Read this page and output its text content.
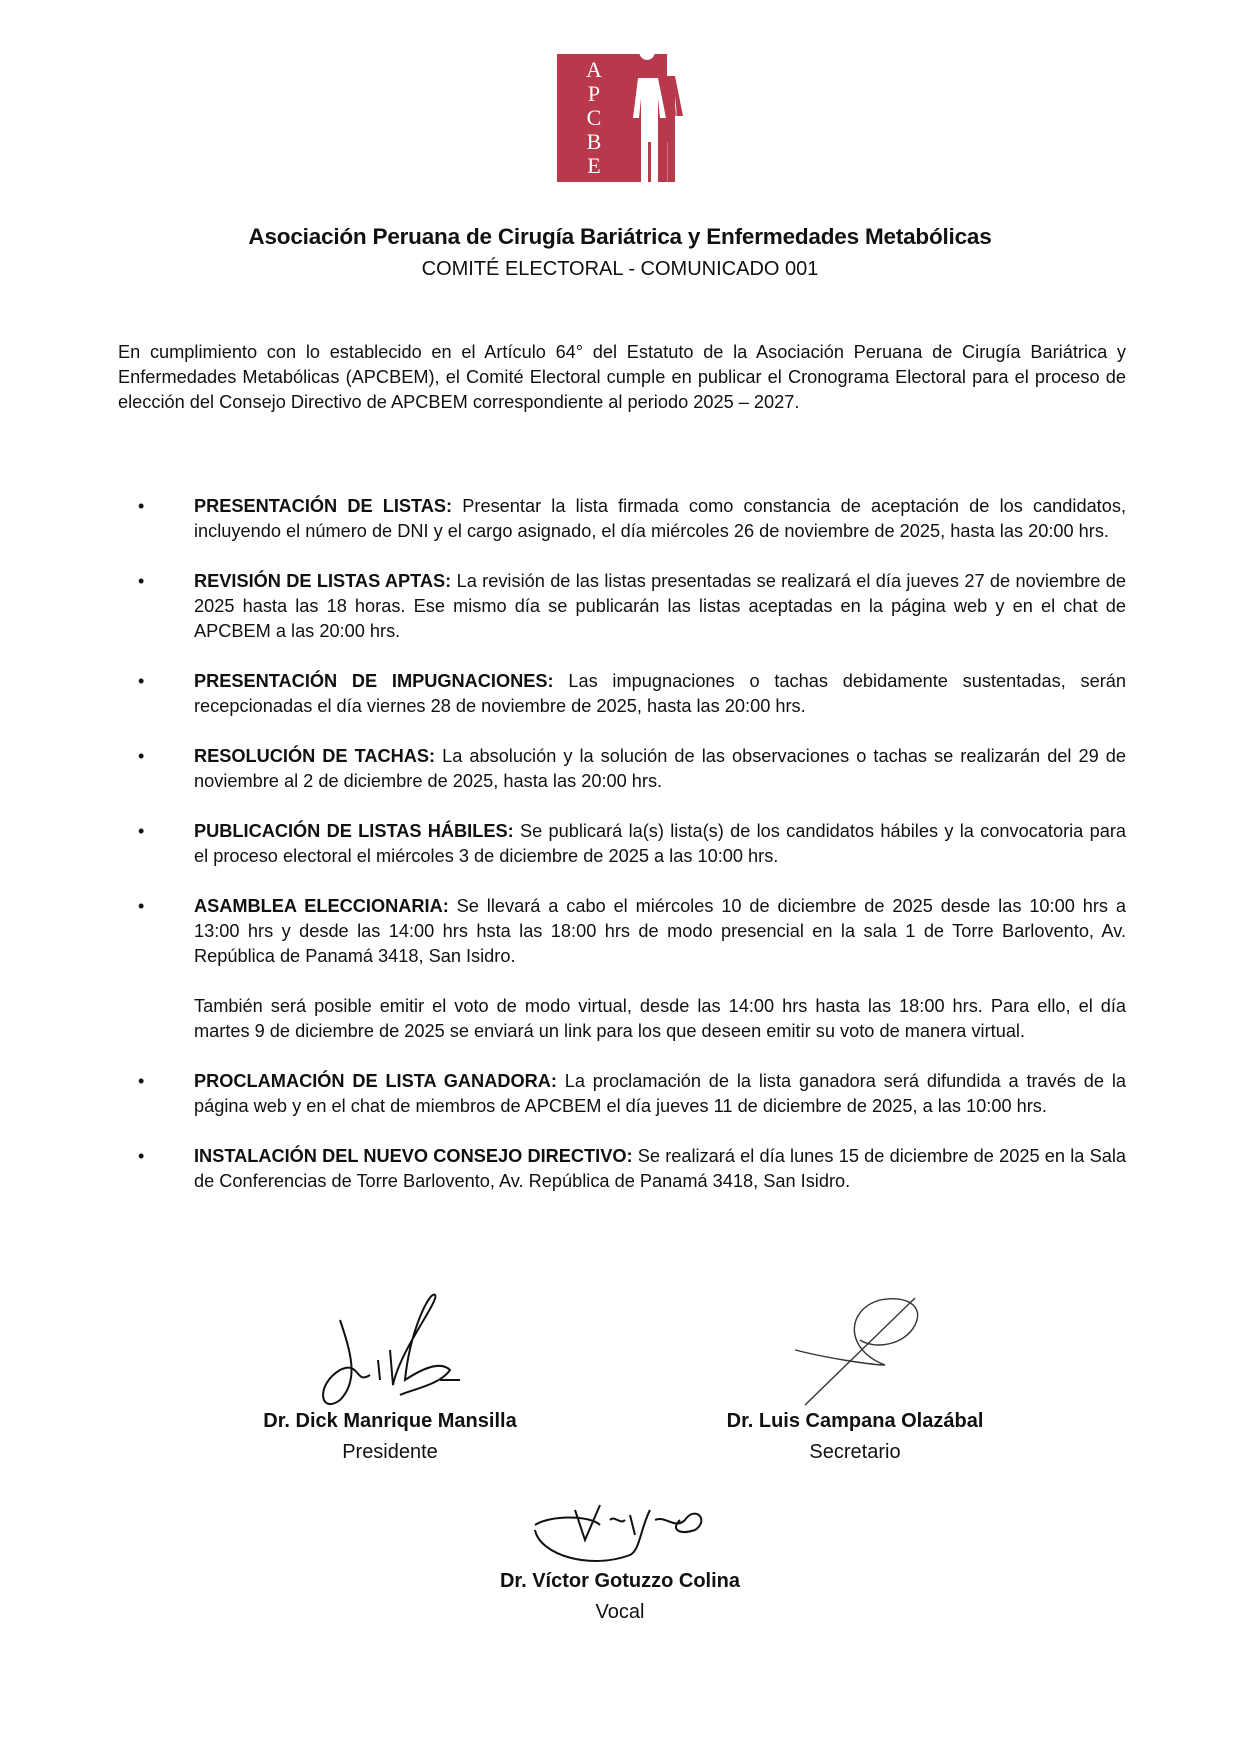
A
P
C
B
E
M
Asociación Peruana de Cirugía Bariátrica y Enfermedades Metabólicas
COMITÉ ELECTORAL - COMUNICADO 001

En cumplimiento con lo establecido en el Artículo 64° del Estatuto de la Asociación Peruana de Cirugía Bariátrica y Enfermedades Metabólicas (APCBEM), el Comité Electoral cumple en publicar el Cronograma Electoral para el proceso de elección del Consejo Directivo de APCBEM correspondiente al periodo 2025 – 2027.

•	PRESENTACIÓN DE LISTAS: Presentar la lista firmada como constancia de aceptación de los candidatos, incluyendo el número de DNI y el cargo asignado, el día miércoles 26 de noviembre de 2025, hasta las 20:00 hrs.
•	REVISIÓN DE LISTAS APTAS: La revisión de las listas presentadas se realizará el día jueves 27 de noviembre de 2025 hasta las 18 horas. Ese mismo día se publicarán las listas aceptadas en la página web y en el chat de APCBEM a las 20:00 hrs.
•	PRESENTACIÓN DE IMPUGNACIONES: Las impugnaciones o tachas debidamente sustentadas, serán recepcionadas el día viernes 28 de noviembre de 2025, hasta las 20:00 hrs.
•	RESOLUCIÓN DE TACHAS: La absolución y la solución de las observaciones o tachas se realizarán del 29 de noviembre al 2 de diciembre de 2025, hasta las 20:00 hrs.
•	PUBLICACIÓN DE LISTAS HÁBILES: Se publicará la(s) lista(s) de los candidatos hábiles y la convocatoria para el proceso electoral el miércoles 3 de diciembre de 2025 a las 10:00 hrs.
•	ASAMBLEA ELECCIONARIA: Se llevará a cabo el miércoles 10 de diciembre de 2025 desde las 10:00 hrs a 13:00 hrs y desde las 14:00 hrs hsta las 18:00 hrs de modo presencial en la sala 1 de Torre Barlovento, Av. República de Panamá 3418, San Isidro.
También será posible emitir el voto de modo virtual, desde las 14:00 hrs hasta las 18:00 hrs. Para ello, el día martes 9 de diciembre de 2025 se enviará un link para los que deseen emitir su voto de manera virtual.
•	PROCLAMACIÓN DE LISTA GANADORA: La proclamación de la lista ganadora será difundida a través de la página web y en el chat de miembros de APCBEM el día jueves 11 de diciembre de 2025, a las 10:00 hrs.
•	INSTALACIÓN DEL NUEVO CONSEJO DIRECTIVO: Se realizará el día lunes 15 de diciembre de 2025 en la Sala de Conferencias de Torre Barlovento, Av. República de Panamá 3418, San Isidro.
Dr. Dick Manrique Mansilla
Presidente
Dr. Luis Campana Olazábal
Secretario
Dr. Víctor Gotuzzo Colina
Vocal
